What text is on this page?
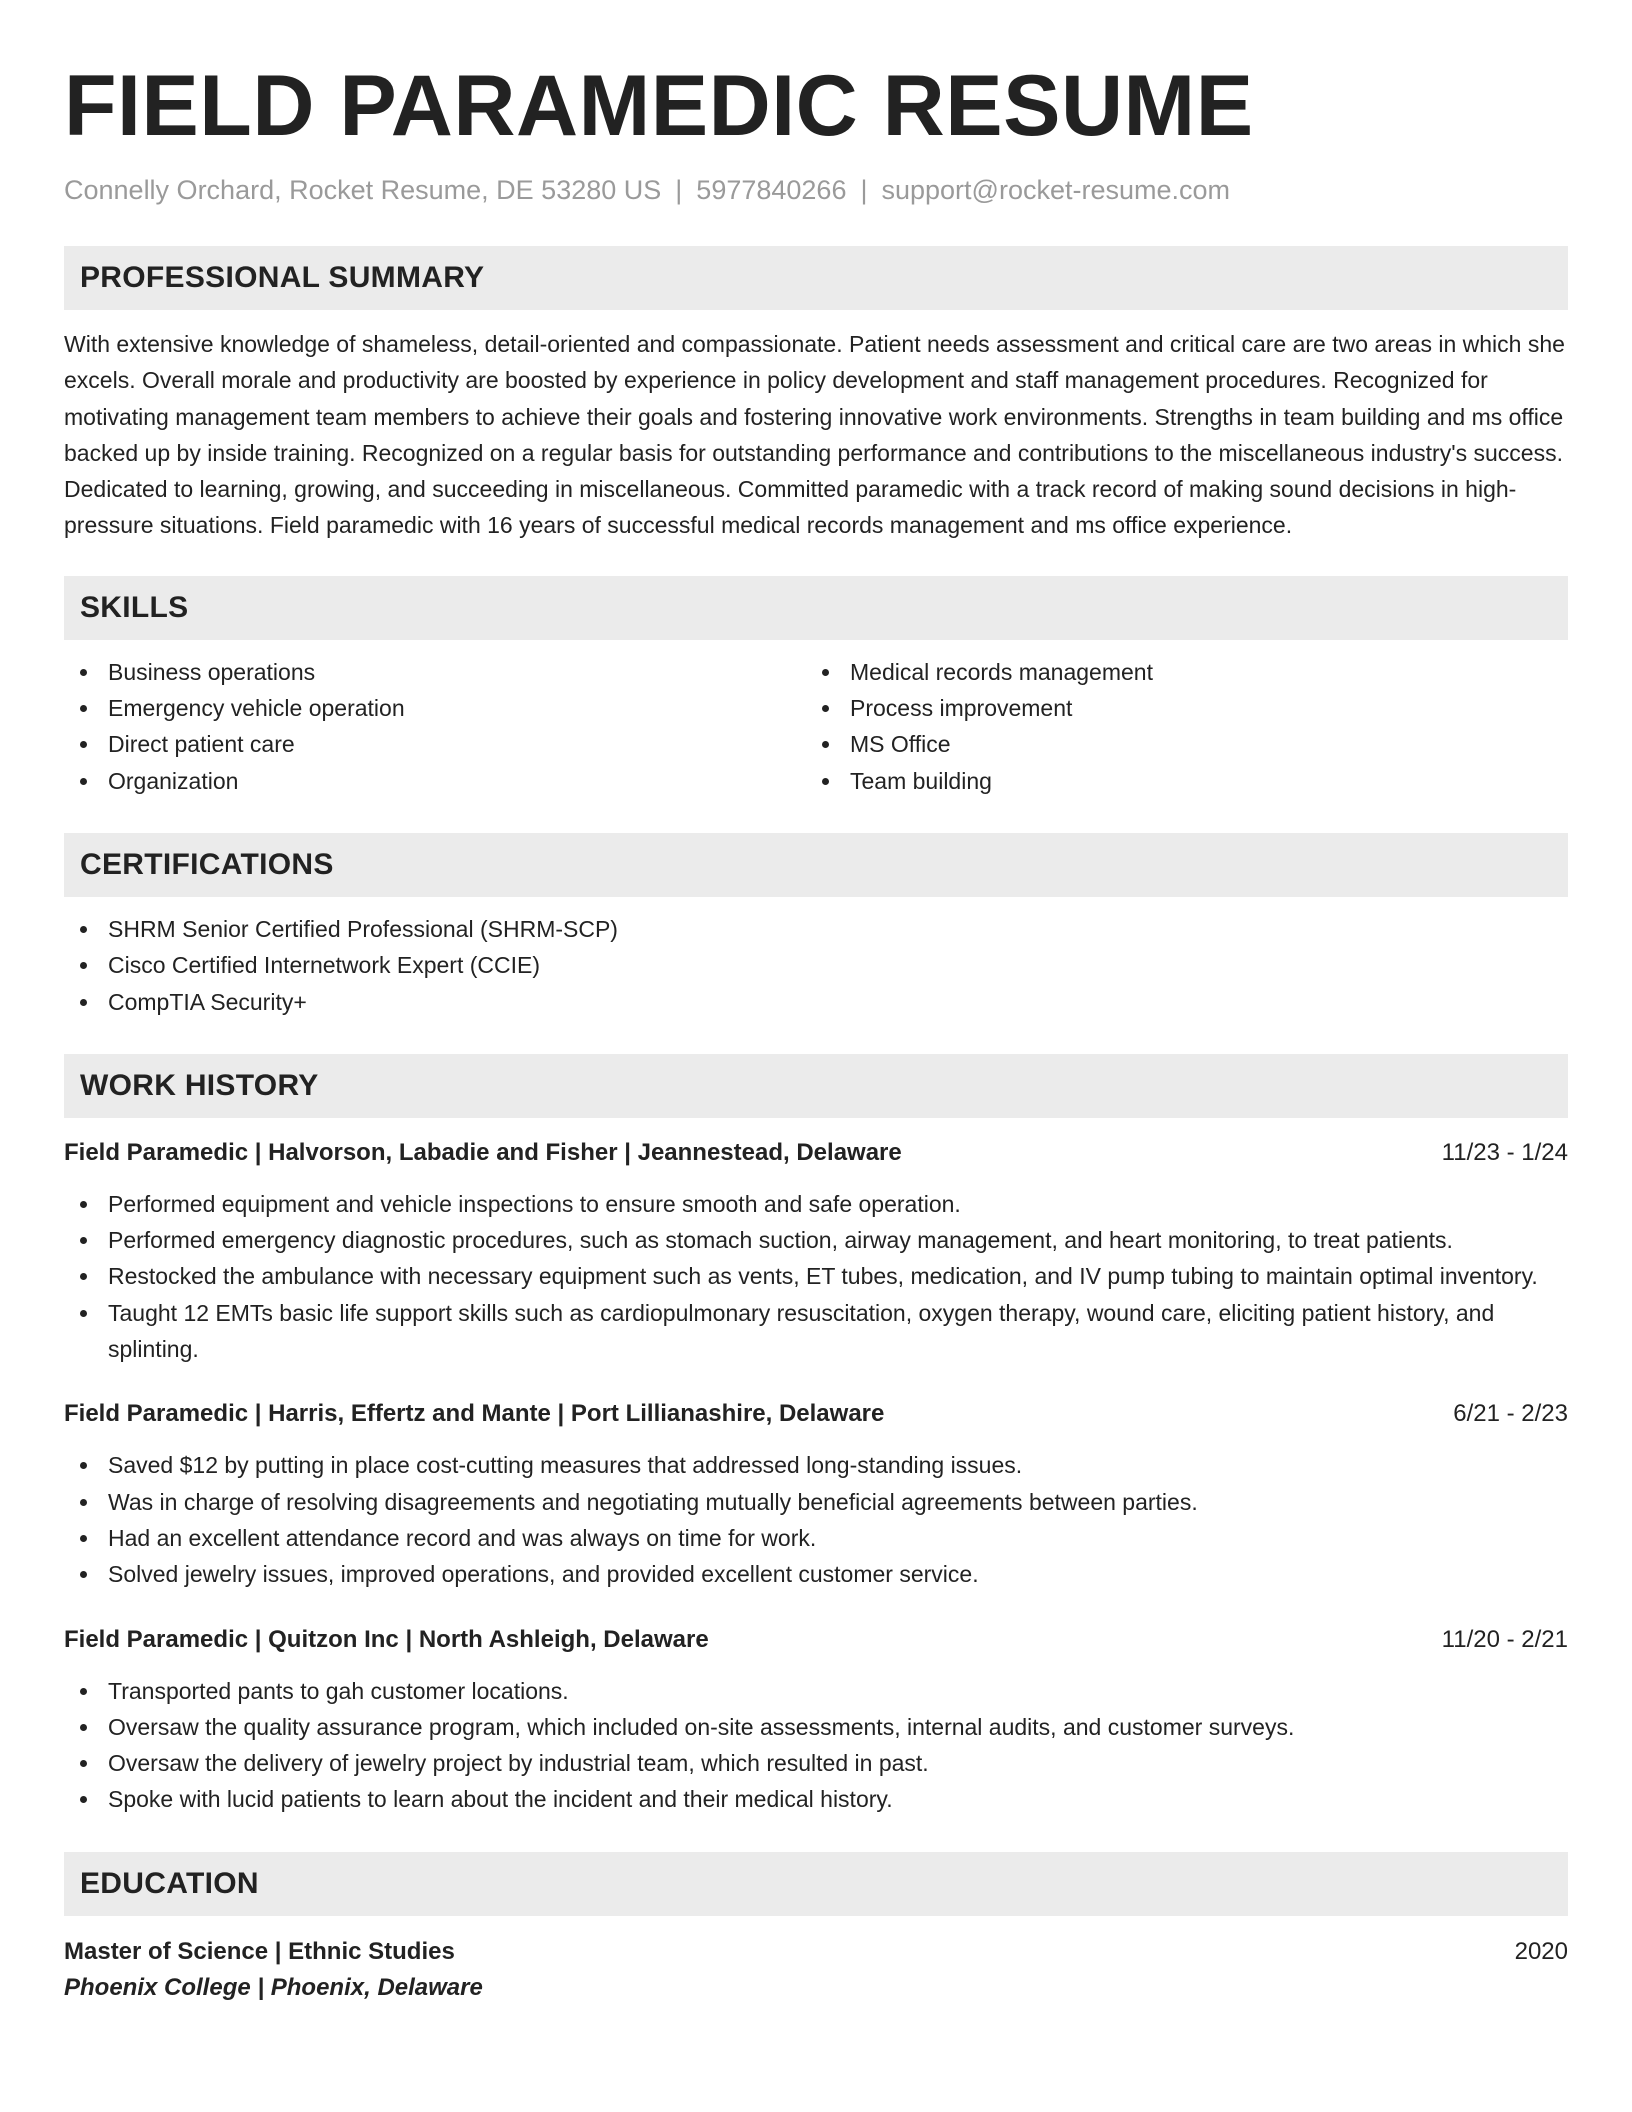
FIELD PARAMEDIC RESUME
Connelly Orchard, Rocket Resume, DE 53280 US | 5977840266 | support@rocket-resume.com
PROFESSIONAL SUMMARY

With extensive knowledge of shameless, detail-oriented and compassionate. Patient needs assessment and critical care are two areas in which she excels. Overall morale and productivity are boosted by experience in policy development and staff management procedures. Recognized for motivating management team members to achieve their goals and fostering innovative work environments. Strengths in team building and ms office backed up by inside training. Recognized on a regular basis for outstanding performance and contributions to the miscellaneous industry's success. Dedicated to learning, growing, and succeeding in miscellaneous. Committed paramedic with a track record of making sound decisions in high-pressure situations. Field paramedic with 16 years of successful medical records management and ms office experience.

SKILLS
Business operations
Emergency vehicle operation
Direct patient care
Organization
Medical records management
Process improvement
MS Office
Team building
CERTIFICATIONS
SHRM Senior Certified Professional (SHRM-SCP)
Cisco Certified Internetwork Expert (CCIE)
CompTIA Security+
WORK HISTORY
Field Paramedic | Halvorson, Labadie and Fisher | Jeannestead, Delaware	11/23 - 1/24
Performed equipment and vehicle inspections to ensure smooth and safe operation.
Performed emergency diagnostic procedures, such as stomach suction, airway management, and heart monitoring, to treat patients.
Restocked the ambulance with necessary equipment such as vents, ET tubes, medication, and IV pump tubing to maintain optimal inventory.
Taught 12 EMTs basic life support skills such as cardiopulmonary resuscitation, oxygen therapy, wound care, eliciting patient history, and splinting.
Field Paramedic | Harris, Effertz and Mante | Port Lillianashire, Delaware	6/21 - 2/23
Saved $12 by putting in place cost-cutting measures that addressed long-standing issues.
Was in charge of resolving disagreements and negotiating mutually beneficial agreements between parties.
Had an excellent attendance record and was always on time for work.
Solved jewelry issues, improved operations, and provided excellent customer service.
Field Paramedic | Quitzon Inc | North Ashleigh, Delaware	11/20 - 2/21
Transported pants to gah customer locations.
Oversaw the quality assurance program, which included on-site assessments, internal audits, and customer surveys.
Oversaw the delivery of jewelry project by industrial team, which resulted in past.
Spoke with lucid patients to learn about the incident and their medical history.
EDUCATION
Master of Science | Ethnic Studies	2020
Phoenix College | Phoenix, Delaware
